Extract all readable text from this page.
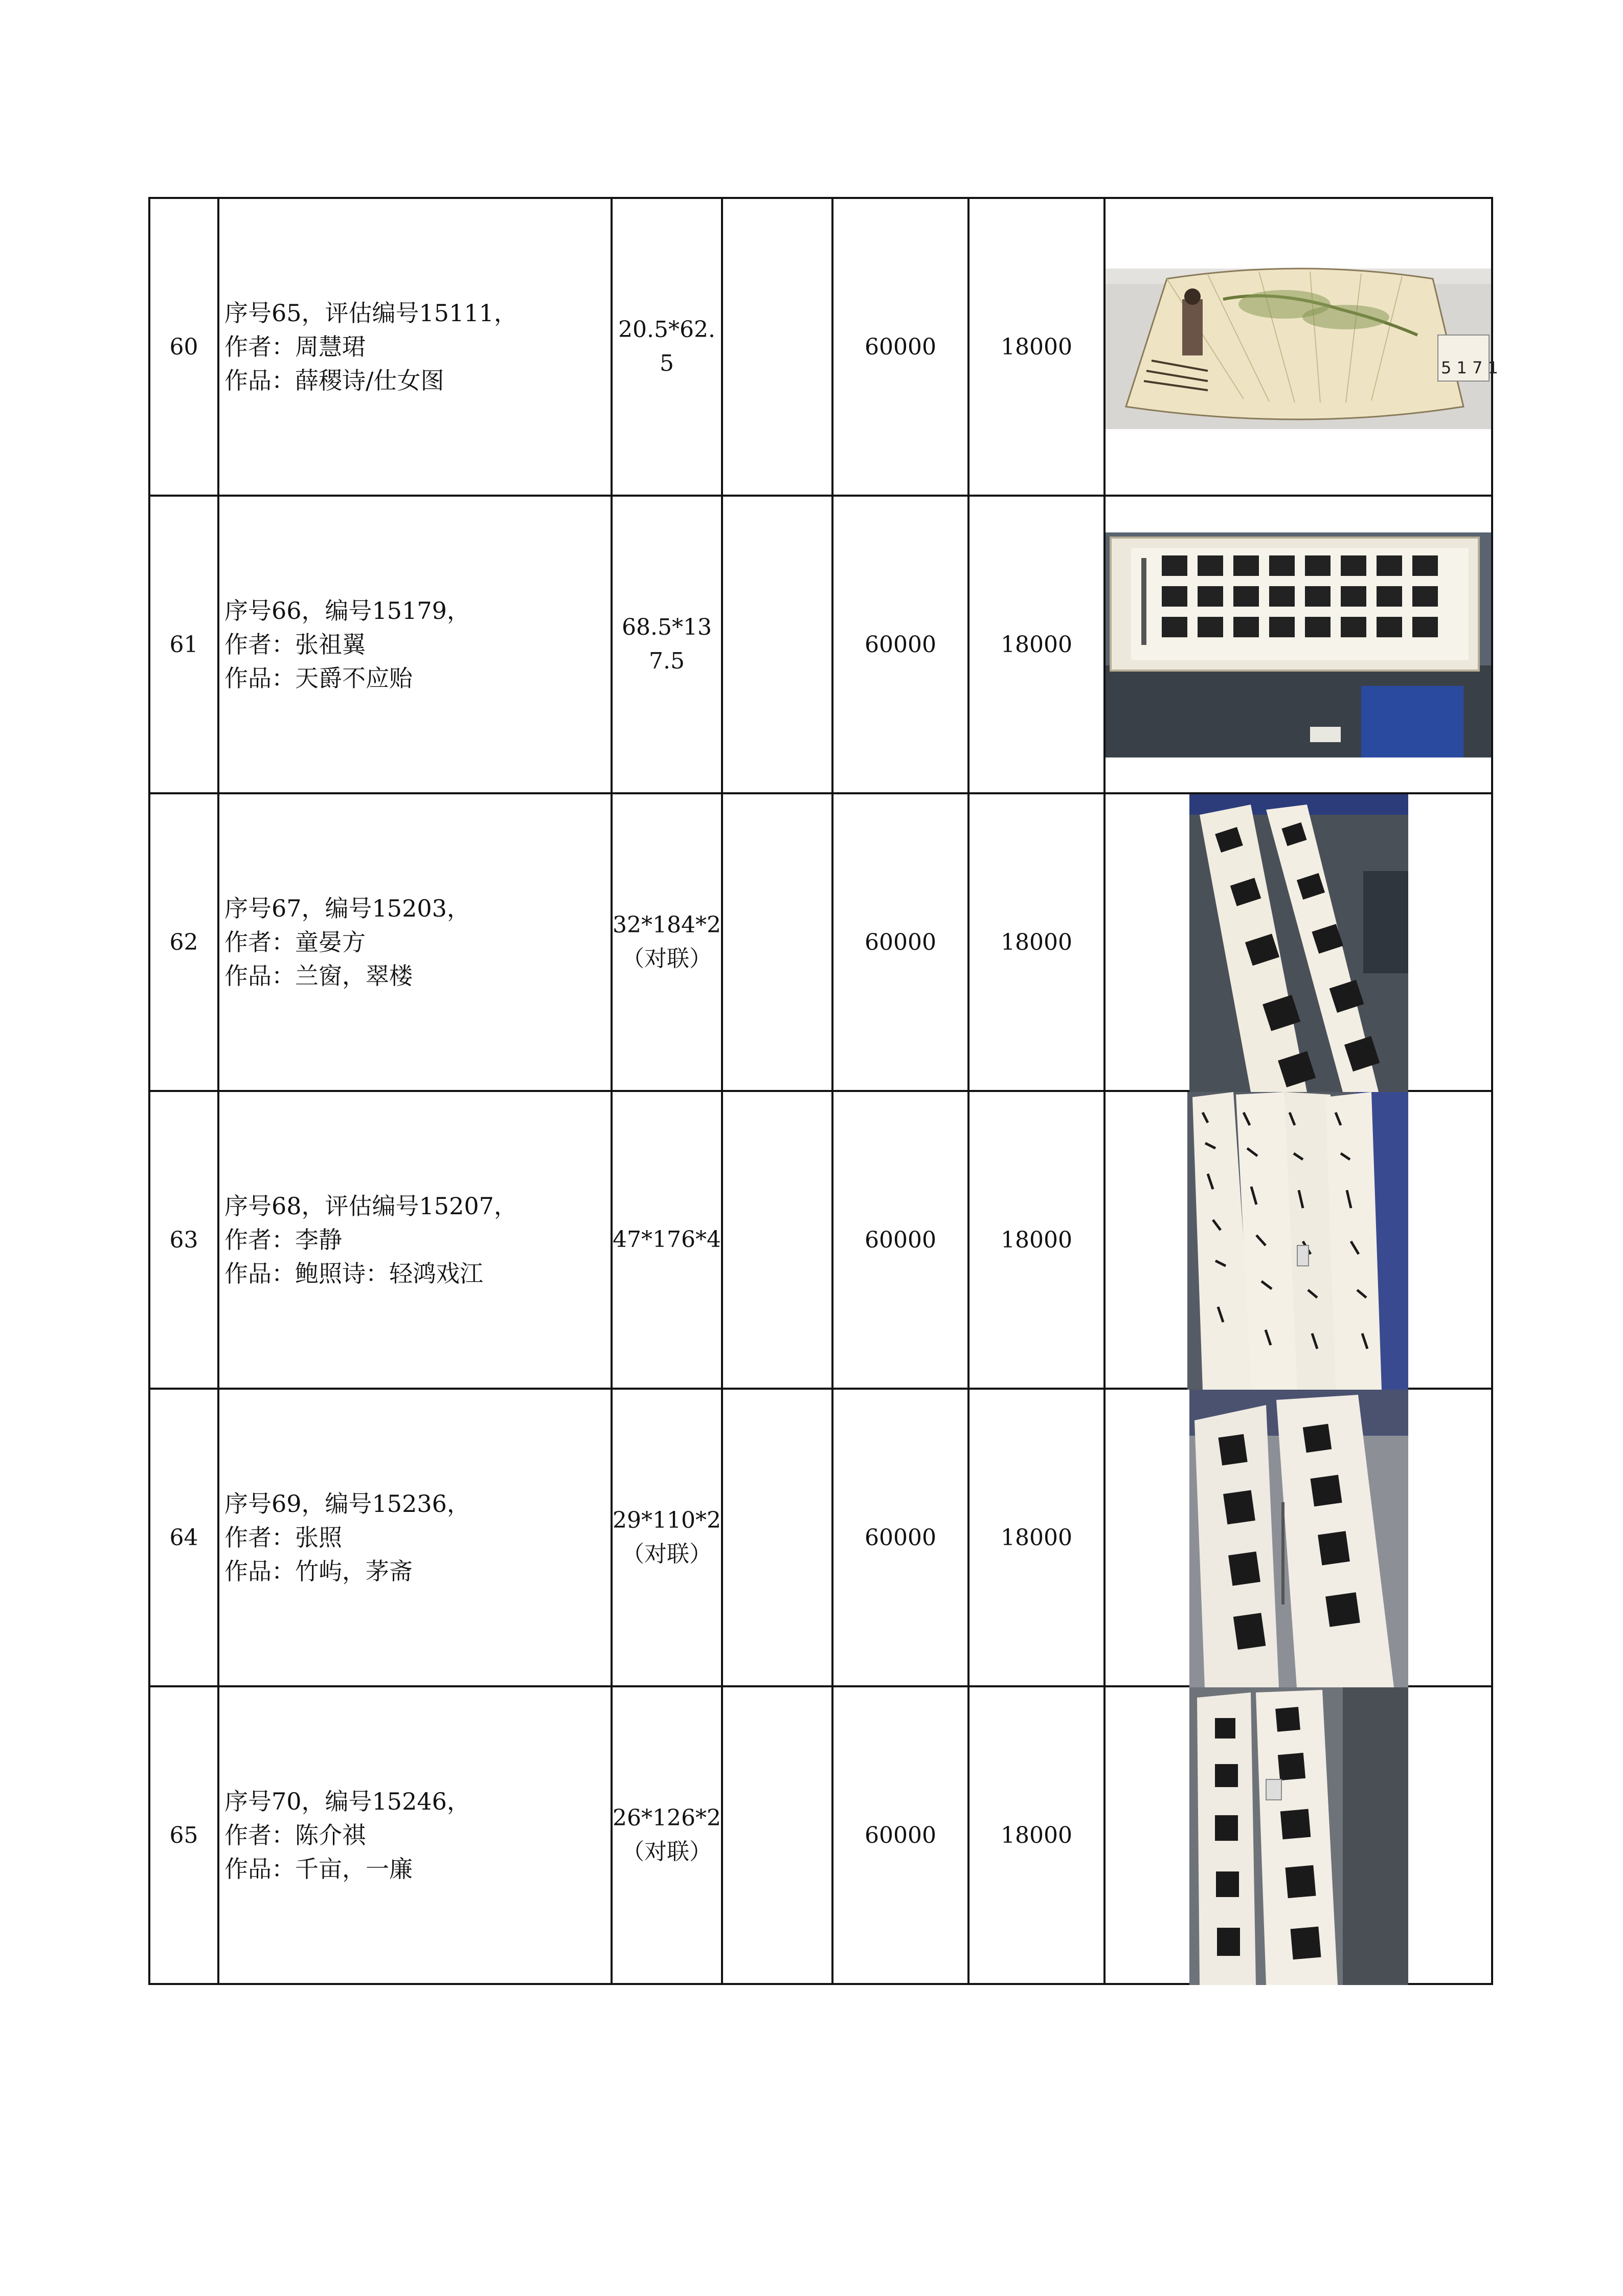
60	序号65，评估编号15111，
作者：周慧珺
作品：薛稷诗/仕女图	20.5*62.5		60000	18000	5 1 7 1

61	序号66，编号15179，
作者：张祖翼
作品：天爵不应贻	68.5*137.5		60000	18000	

62	序号67，编号15203，
作者：童晏方
作品：兰窗，翠楼	32*184*2（对联）		60000	18000	

63	序号68，评估编号15207，
作者：李静
作品：鲍照诗：轻鸿戏江	47*176*4		60000	18000	

64	序号69，编号15236，
作者：张照
作品：竹屿，茅斋	29*110*2（对联）		60000	18000	

65	序号70，编号15246，
作者：陈介祺
作品：千亩，一廉	26*126*2（对联）		60000	18000	
